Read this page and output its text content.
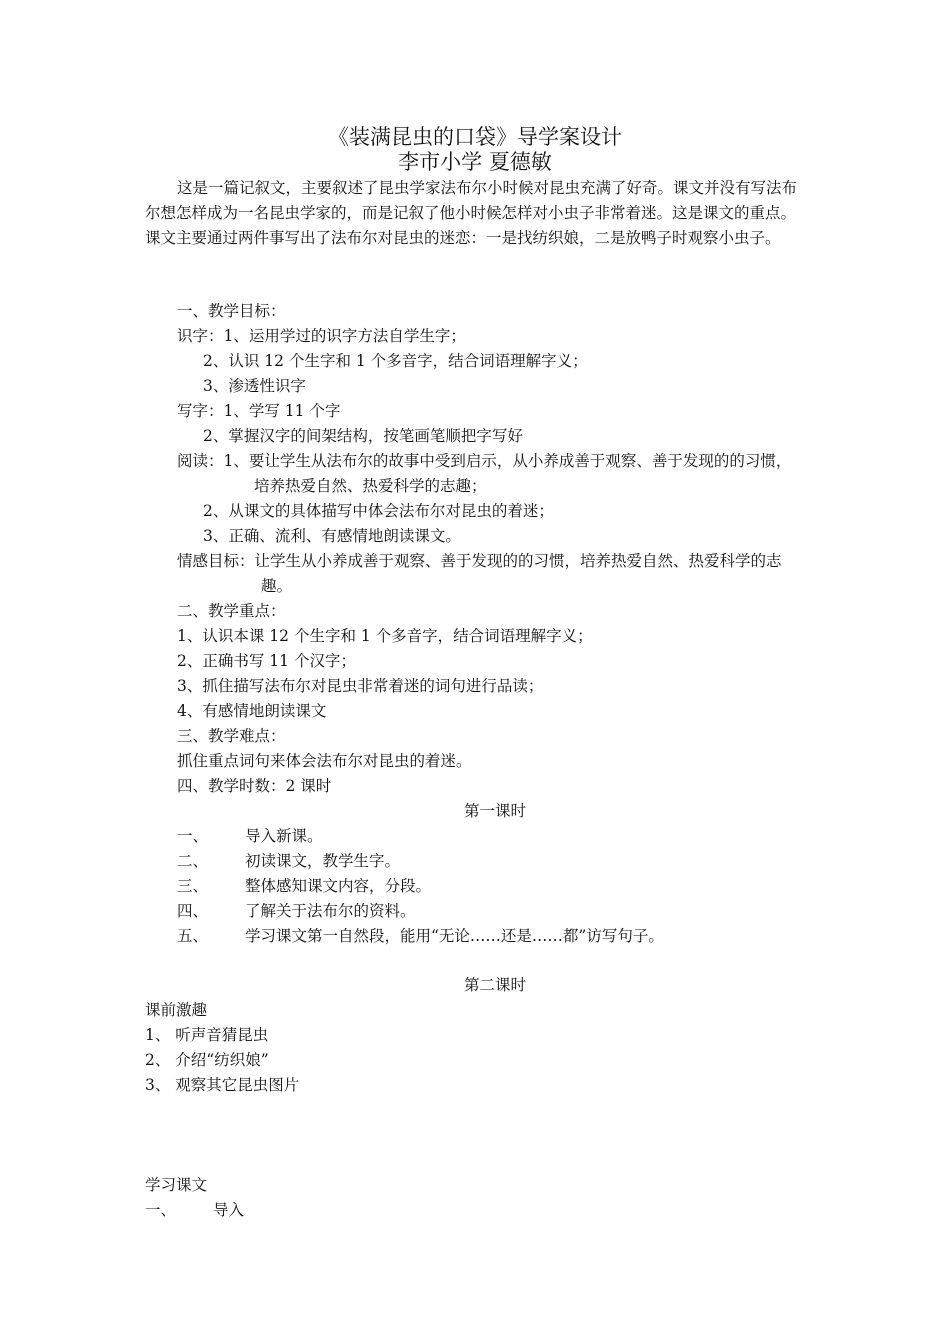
《装满昆虫的口袋》导学案设计
李市小学 夏德敏
这是一篇记叙文，主要叙述了昆虫学家法布尔小时候对昆虫充满了好奇。课文并没有写法布尔想怎样成为一名昆虫学家的，而是记叙了他小时候怎样对小虫子非常着迷。这是课文的重点。课文主要通过两件事写出了法布尔对昆虫的迷恋：一是找纺织娘，二是放鸭子时观察小虫子。
一、教学目标：
识字：1、运用学过的识字方法自学生字；
2、认识 12 个生字和 1 个多音字，结合词语理解字义；
3、渗透性识字
写字：1、学写 11 个字
2、掌握汉字的间架结构，按笔画笔顺把字写好
阅读：1、要让学生从法布尔的故事中受到启示，从小养成善于观察、善于发现的的习惯，
培养热爱自然、热爱科学的志趣；
2、从课文的具体描写中体会法布尔对昆虫的着迷；
3、正确、流利、有感情地朗读课文。
情感目标：让学生从小养成善于观察、善于发现的的习惯，培养热爱自然、热爱科学的志
趣。
二、教学重点：
1、认识本课 12 个生字和 1 个多音字，结合词语理解字义；
2、正确书写 11 个汉字；
3、抓住描写法布尔对昆虫非常着迷的词句进行品读；
4、有感情地朗读课文
三、教学难点：
抓住重点词句来体会法布尔对昆虫的着迷。
四、教学时数：2 课时
第一课时
一、 导入新课。
二、 初读课文，教学生字。
三、 整体感知课文内容，分段。
四、 了解关于法布尔的资料。
五、 学习课文第一自然段，能用“无论……还是……都”访写句子。
第二课时
课前激趣
1、 听声音猜昆虫
2、 介绍“纺织娘”
3、 观察其它昆虫图片
学习课文
一、 导入
